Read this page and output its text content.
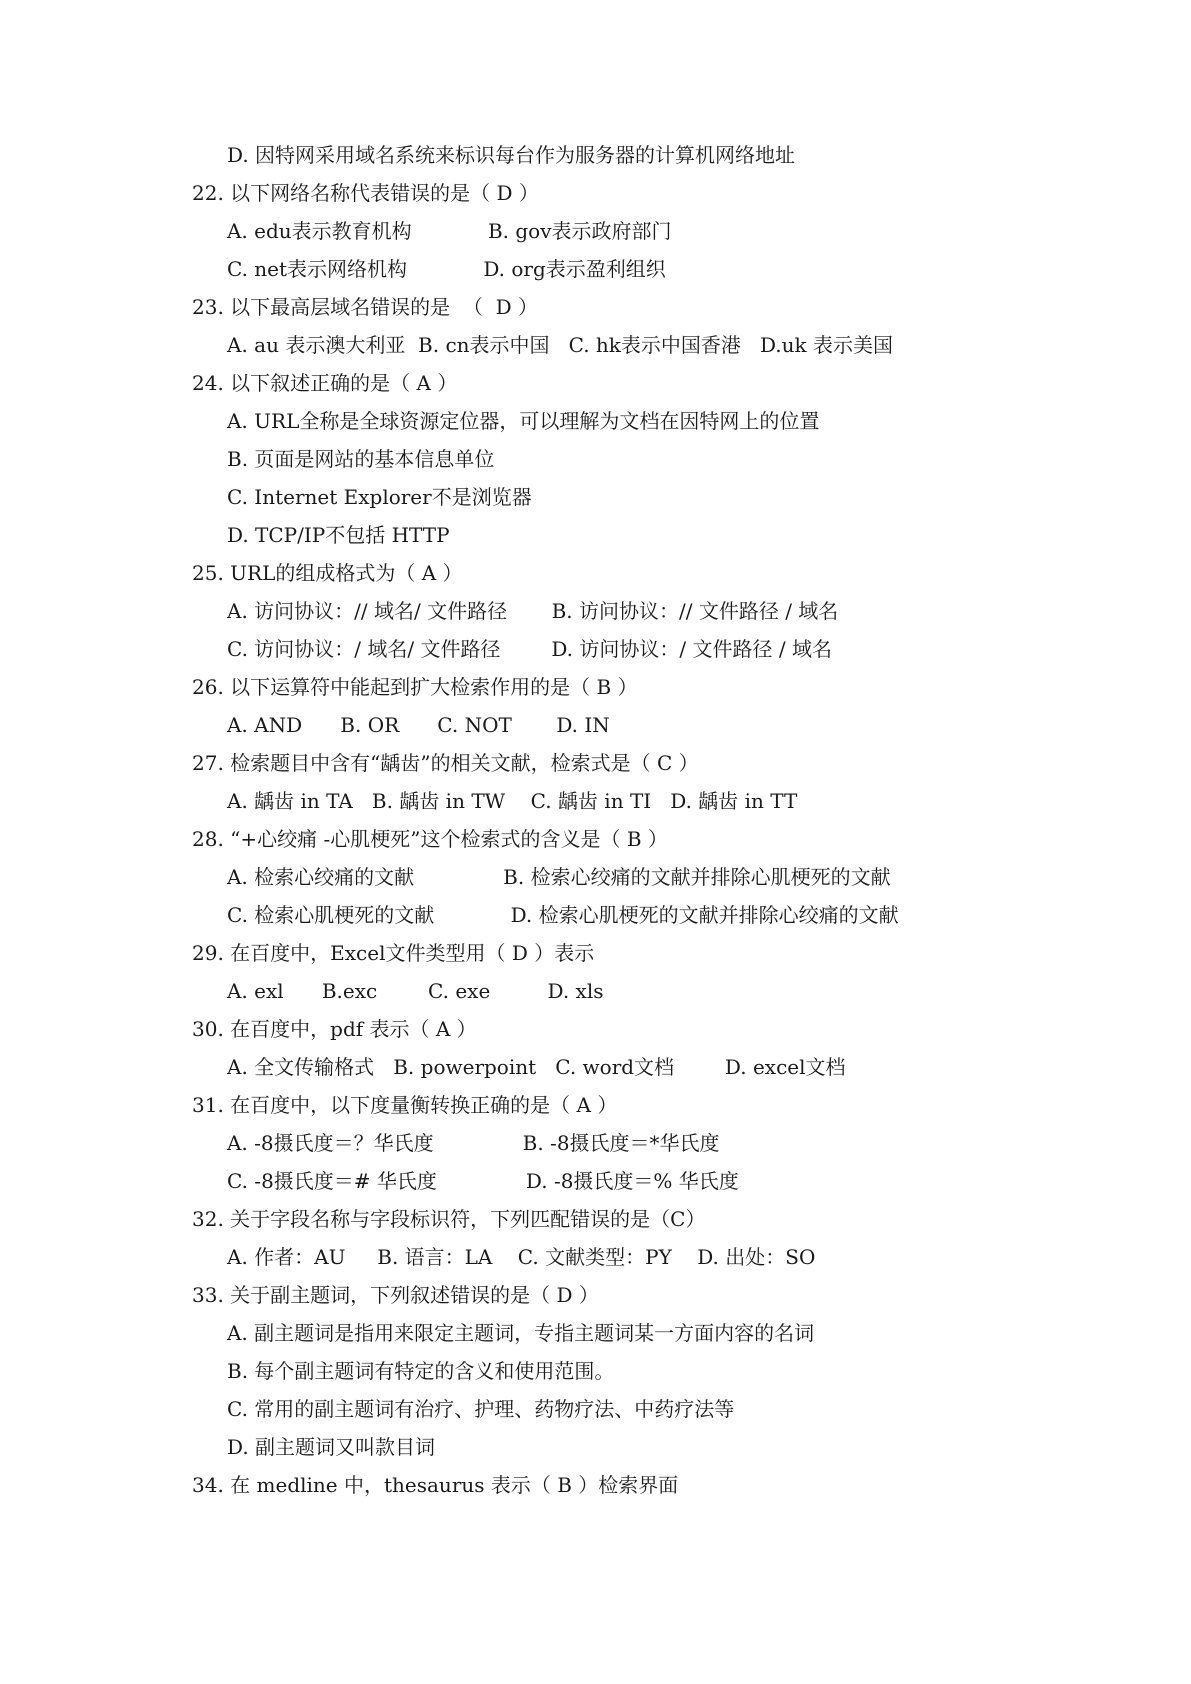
D. 因特网采用域名系统来标识每台作为服务器的计算机网络地址
22. 以下网络名称代表错误的是（ D ）
A. edu表示教育机构            B. gov表示政府部门
C. net表示网络机构            D. org表示盈利组织
23. 以下最高层域名错误的是  （  D ）
A. au 表示澳大利亚  B. cn表示中国   C. hk表示中国香港   D.uk 表示美国
24. 以下叙述正确的是（ A ）
A. URL全称是全球资源定位器，可以理解为文档在因特网上的位置
B. 页面是网站的基本信息单位
C. Internet Explorer不是浏览器
D. TCP/IP不包括 HTTP
25. URL的组成格式为（ A ）
A. 访问协议：// 域名/ 文件路径       B. 访问协议：// 文件路径 / 域名
C. 访问协议：/ 域名/ 文件路径        D. 访问协议：/ 文件路径 / 域名
26. 以下运算符中能起到扩大检索作用的是（ B ）
A. AND      B. OR      C. NOT       D. IN
27. 检索题目中含有“龋齿”的相关文献，检索式是（ C ）
A. 龋齿 in TA   B. 龋齿 in TW    C. 龋齿 in TI   D. 龋齿 in TT
28. “+心绞痛 -心肌梗死”这个检索式的含义是（ B ）
A. 检索心绞痛的文献              B. 检索心绞痛的文献并排除心肌梗死的文献
C. 检索心肌梗死的文献            D. 检索心肌梗死的文献并排除心绞痛的文献
29. 在百度中，Excel文件类型用（ D ）表示
A. exl      B.exc        C. exe         D. xls
30. 在百度中，pdf 表示（ A ）
A. 全文传输格式   B. powerpoint   C. word文档        D. excel文档
31. 在百度中，以下度量衡转换正确的是（ A ）
A. -8摄氏度＝？华氏度              B. -8摄氏度＝*华氏度
C. -8摄氏度＝# 华氏度              D. -8摄氏度＝% 华氏度
32. 关于字段名称与字段标识符，下列匹配错误的是（C）
A. 作者：AU     B. 语言：LA    C. 文献类型：PY    D. 出处：SO
33. 关于副主题词，下列叙述错误的是（ D ）
A. 副主题词是指用来限定主题词，专指主题词某一方面内容的名词
B. 每个副主题词有特定的含义和使用范围。
C. 常用的副主题词有治疗、护理、药物疗法、中药疗法等
D. 副主题词又叫款目词
34. 在 medline 中，thesaurus 表示（ B ）检索界面
